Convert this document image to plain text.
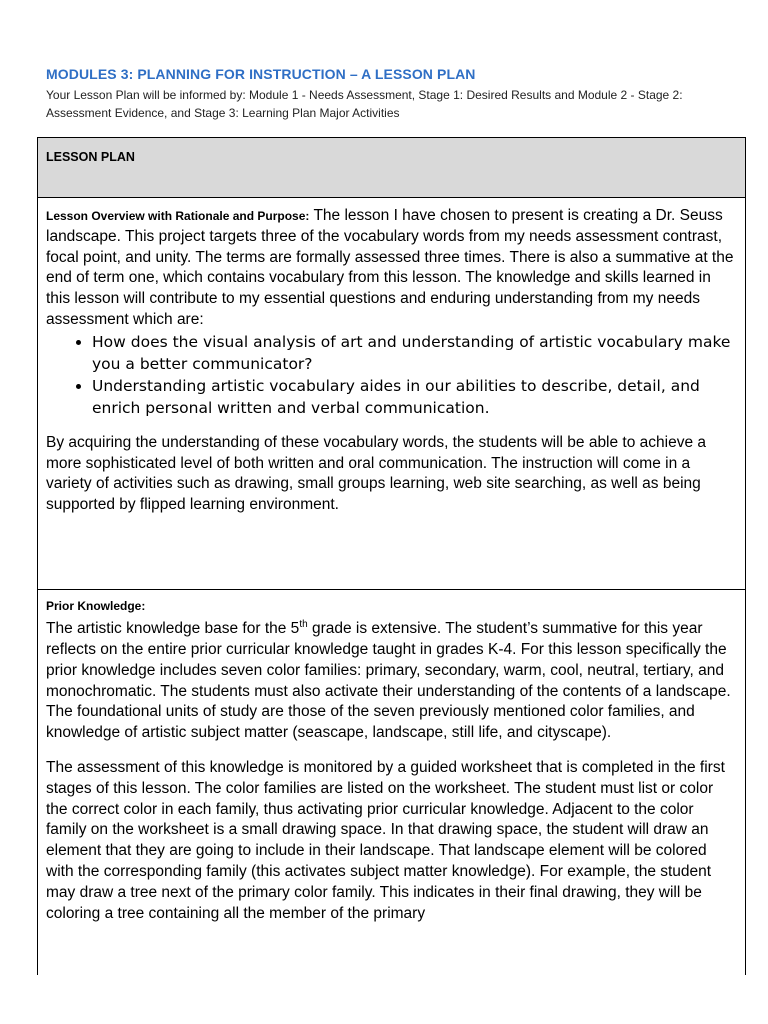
MODULES 3: PLANNING FOR INSTRUCTION – A LESSON PLAN
Your Lesson Plan will be informed by: Module 1 - Needs Assessment, Stage 1: Desired Results and Module 2 - Stage 2: Assessment Evidence, and Stage 3: Learning Plan Major Activities
LESSON PLAN
Lesson Overview with Rationale and Purpose: The lesson I have chosen to present is creating a Dr. Seuss landscape. This project targets three of the vocabulary words from my needs assessment contrast, focal point, and unity. The terms are formally assessed three times. There is also a summative at the end of term one, which contains vocabulary from this lesson. The knowledge and skills learned in this lesson will contribute to my essential questions and enduring understanding from my needs assessment which are:
• How does the visual analysis of art and understanding of artistic vocabulary make you a better communicator?
• Understanding artistic vocabulary aides in our abilities to describe, detail, and enrich personal written and verbal communication.
By acquiring the understanding of these vocabulary words, the students will be able to achieve a more sophisticated level of both written and oral communication. The instruction will come in a variety of activities such as drawing, small groups learning, web site searching, as well as being supported by flipped learning environment.
Prior Knowledge:
The artistic knowledge base for the 5th grade is extensive. The student’s summative for this year reflects on the entire prior curricular knowledge taught in grades K-4. For this lesson specifically the prior knowledge includes seven color families: primary, secondary, warm, cool, neutral, tertiary, and monochromatic. The students must also activate their understanding of the contents of a landscape. The foundational units of study are those of the seven previously mentioned color families, and knowledge of artistic subject matter (seascape, landscape, still life, and cityscape).
The assessment of this knowledge is monitored by a guided worksheet that is completed in the first stages of this lesson. The color families are listed on the worksheet. The student must list or color the correct color in each family, thus activating prior curricular knowledge. Adjacent to the color family on the worksheet is a small drawing space. In that drawing space, the student will draw an element that they are going to include in their landscape. That landscape element will be colored with the corresponding family (this activates subject matter knowledge). For example, the student may draw a tree next of the primary color family. This indicates in their final drawing, they will be coloring a tree containing all the member of the primary
